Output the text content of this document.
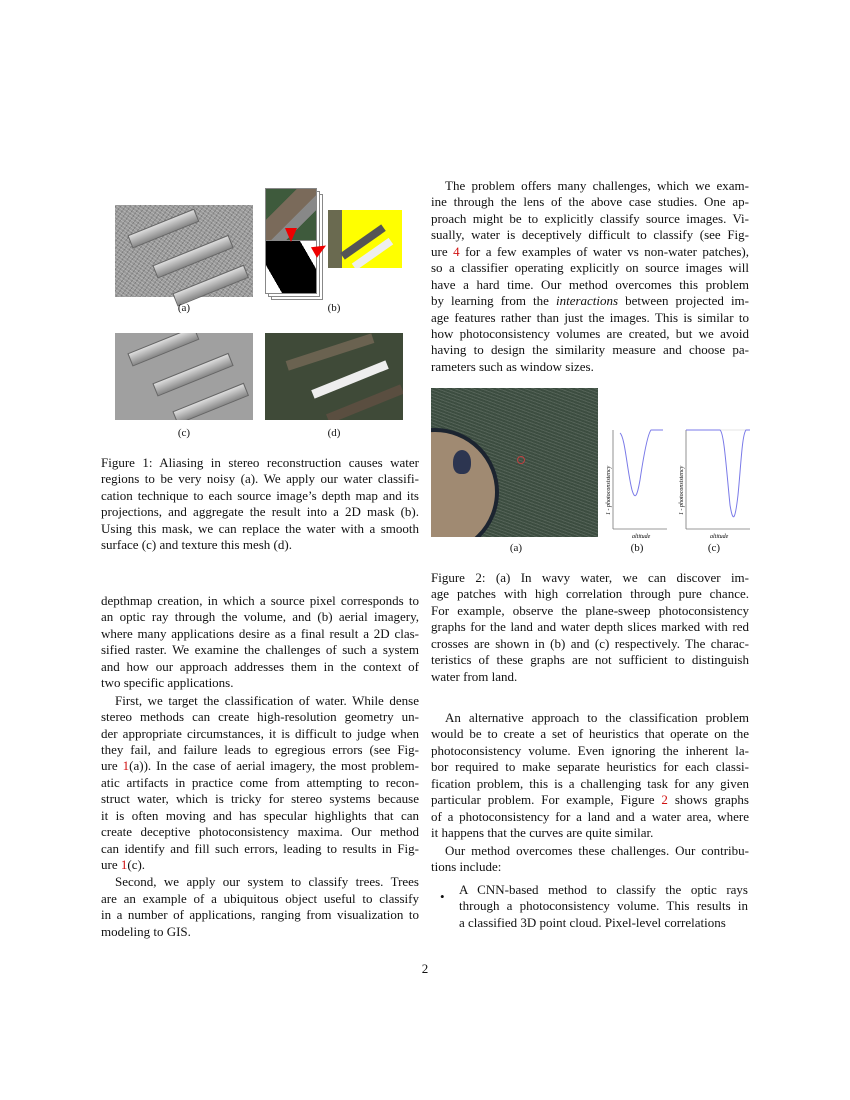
(a)	(b)
(c)	(d)
Figure 1: Aliasing in stereo reconstruction causes water
regions to be very noisy (a). We apply our water classifi-
cation technique to each source image’s depth map and its
projections, and aggregate the result into a 2D mask (b).
Using this mask, we can replace the water with a smooth
surface (c) and texture this mesh (d).
depthmap creation, in which a source pixel corresponds to
an optic ray through the volume, and (b) aerial imagery,
where many applications desire as a final result a 2D clas-
sified raster. We examine the challenges of such a system
and how our approach addresses them in the context of
two specific applications.
First, we target the classification of water. While dense
stereo methods can create high-resolution geometry un-
der appropriate circumstances, it is difficult to judge when
they fail, and failure leads to egregious errors (see Fig-
ure 1(a)). In the case of aerial imagery, the most problem-
atic artifacts in practice come from attempting to recon-
struct water, which is tricky for stereo systems because
it is often moving and has specular highlights that can
create deceptive photoconsistency maxima. Our method
can identify and fill such errors, leading to results in Fig-
ure 1(c).
Second, we apply our system to classify trees. Trees
are an example of a ubiquitous object useful to classify
in a number of applications, ranging from visualization to
modeling to GIS.
The problem offers many challenges, which we exam-
ine through the lens of the above case studies. One ap-
proach might be to explicitly classify source images. Vi-
sually, water is deceptively difficult to classify (see Fig-
ure 4 for a few examples of water vs non-water patches),
so a classifier operating explicitly on source images will
have a hard time. Our method overcomes this problem
by learning from the interactions between projected im-
age features rather than just the images. This is similar to
how photoconsistency volumes are created, but we avoid
having to design the similarity measure and choose pa-
rameters such as window sizes.
(a)
1 - photoconsistency
altitude
(b)
1 - photoconsistency
altitude
(c)
Figure 2: (a) In wavy water, we can discover im-
age patches with high correlation through pure chance.
For example, observe the plane-sweep photoconsistency
graphs for the land and water depth slices marked with red
crosses are shown in (b) and (c) respectively. The charac-
teristics of these graphs are not sufficient to distinguish
water from land.
An alternative approach to the classification problem
would be to create a set of heuristics that operate on the
photoconsistency volume. Even ignoring the inherent la-
bor required to make separate heuristics for each classi-
fication problem, this is a challenging task for any given
particular problem. For example, Figure 2 shows graphs
of a photoconsistency for a land and a water area, where
it happens that the curves are quite similar.
Our method overcomes these challenges. Our contribu-
tions include:
• A CNN-based method to classify the optic rays
through a photoconsistency volume. This results in
a classified 3D point cloud. Pixel-level correlations
2
